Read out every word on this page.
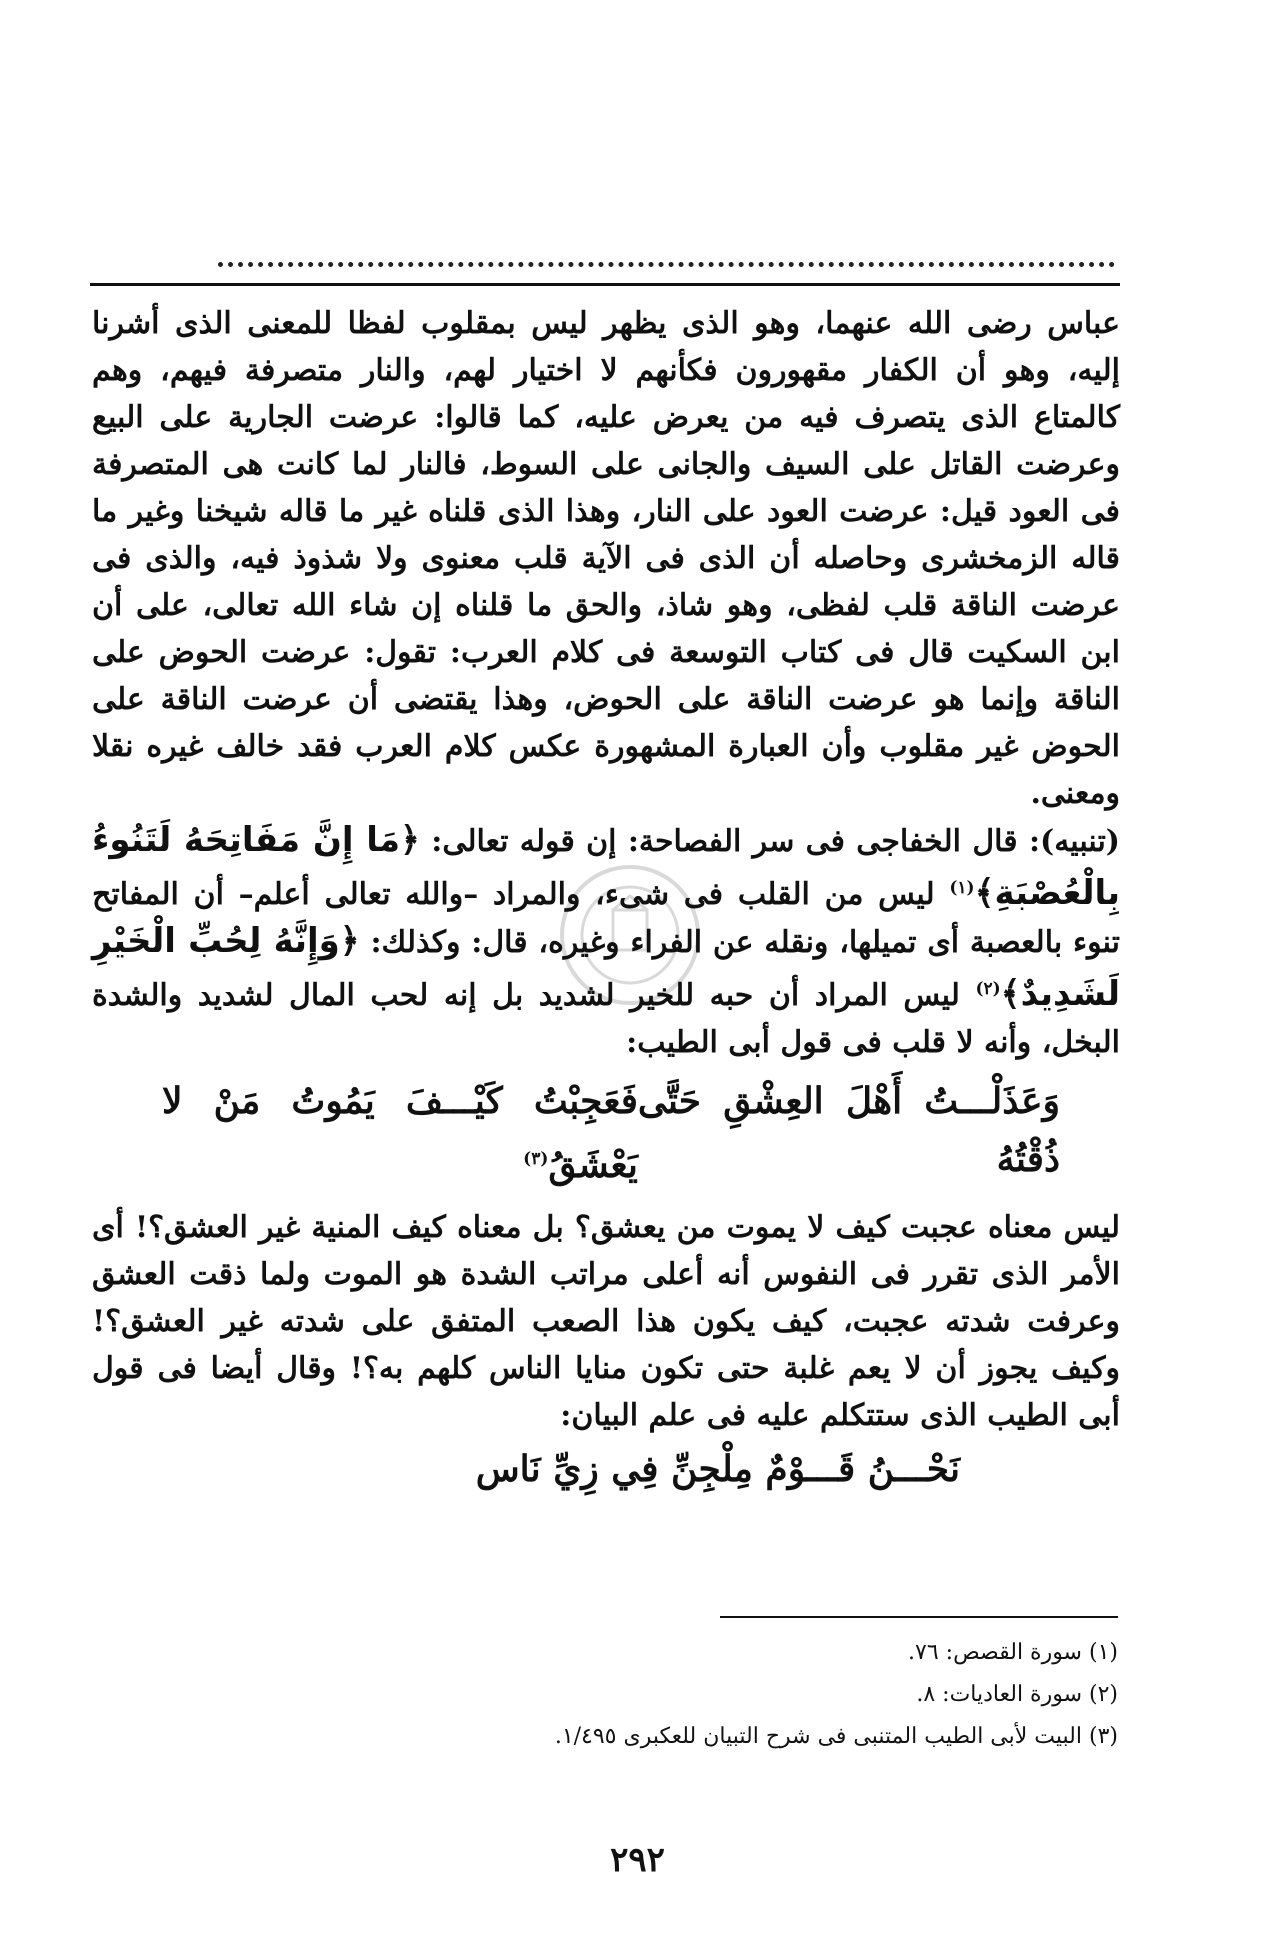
عباس رضى الله عنهما، وهو الذى يظهر ليس بمقلوب لفظا للمعنى الذى أشرنا إليه، وهو أن الكفار مقهورون فكأنهم لا اختيار لهم، والنار متصرفة فيهم، وهم كالمتاع الذى يتصرف فيه من يعرض عليه، كما قالوا: عرضت الجارية على البيع وعرضت القاتل على السيف والجانى على السوط، فالنار لما كانت هى المتصرفة فى العود قيل: عرضت العود على النار، وهذا الذى قلناه غير ما قاله شيخنا وغير ما قاله الزمخشرى وحاصله أن الذى فى الآية قلب معنوى ولا شذوذ فيه، والذى فى عرضت الناقة قلب لفظى، وهو شاذ، والحق ما قلناه إن شاء الله تعالى، على أن ابن السكيت قال فى كتاب التوسعة فى كلام العرب: تقول: عرضت الحوض على الناقة وإنما هو عرضت الناقة على الحوض، وهذا يقتضى أن عرضت الناقة على الحوض غير مقلوب وأن العبارة المشهورة عكس كلام العرب فقد خالف غيره نقلا ومعنى.

(تنبيه): قال الخفاجى فى سر الفصاحة: إن قوله تعالى: ﴿مَا إِنَّ مَفَاتِحَهُ لَتَنُوءُ بِالْعُصْبَةِ﴾$^{(١)}$ ليس من القلب فى شىء، والمراد –والله تعالى أعلم– أن المفاتح تنوء بالعصبة أى تميلها، ونقله عن الفراء وغيره، قال: وكذلك: ﴿وَإِنَّهُ لِحُبِّ الْخَيْرِ لَشَدِيدٌ﴾$^{(٢)}$ ليس المراد أن حبه للخير لشديد بل إنه لحب المال لشديد والشدة البخل، وأنه لا قلب فى قول أبى الطيب:

وَعَذَلْـــتُ أَهْلَ العِشْقِ حَتَّى ذُقْتُهُ
فَعَجِبْتُ كَيْـــفَ يَمُوتُ مَنْ لا يَعْشَقُ$^{(٣)}$

ليس معناه عجبت كيف لا يموت من يعشق؟ بل معناه كيف المنية غير العشق؟! أى الأمر الذى تقرر فى النفوس أنه أعلى مراتب الشدة هو الموت ولما ذقت العشق وعرفت شدته عجبت، كيف يكون هذا الصعب المتفق على شدته غير العشق؟! وكيف يجوز أن لا يعم غلبة حتى تكون منايا الناس كلهم به؟! وقال أيضا فى قول أبى الطيب الذى ستتكلم عليه فى علم البيان:

نَحْـــنُ قَـــوْمٌ مِلْجِنِّ فِي زِيِّ نَاس
(١) سورة القصص: ٧٦.
(٢) سورة العاديات: ٨.
(٣) البيت لأبى الطيب المتنبى فى شرح التبيان للعكبرى ١/٤٩٥.
٢٩٢
